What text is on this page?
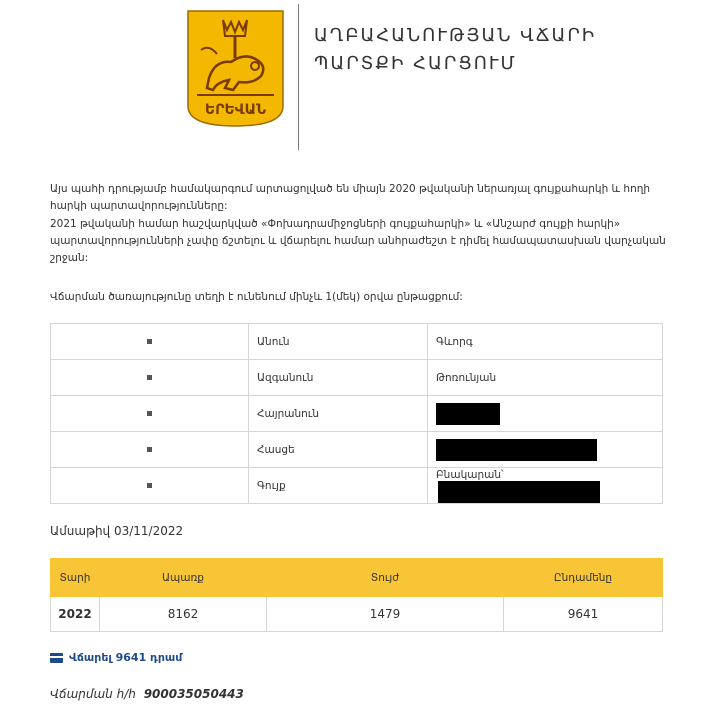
ԵՐԵՎԱՆ
ԱՂԲԱՀԱՆՈՒԹՅԱՆ ՎՃԱՐԻ
ՊԱՐՏՔԻ ՀԱՐՑՈՒՄ
Այս պահի դրությամբ համակարգում արտացոլված են միայն 2020 թվականի ներառյալ գույքահարկի և հողի հարկի պարտավորությունները:
2021 թվականի համար հաշվարկված «Փոխադրամիջոցների գույքահարկի» և «Անշարժ գույքի հարկի» պարտավորությունների չափը ճշտելու և վճարելու համար անհրաժեշտ է դիմել համապատասխան վարչական շրջան:
Վճարման ծառայությունը տեղի է ունենում մինչև 1(մեկ) օրվա ընթացքում:
	Անուն	Գևորգ
	Ազգանուն	Թոռունյան
	Հայրանուն	
	Հասցե	
	Գույք	Բնակարան՝
Ամսաթիվ 03/11/2022
Տարի	Ապառք	Տույժ	Ընդամենը
2022	8162	1479	9641
Վճարել 9641 դրամ
Վճարման հ/հ 900035050443
